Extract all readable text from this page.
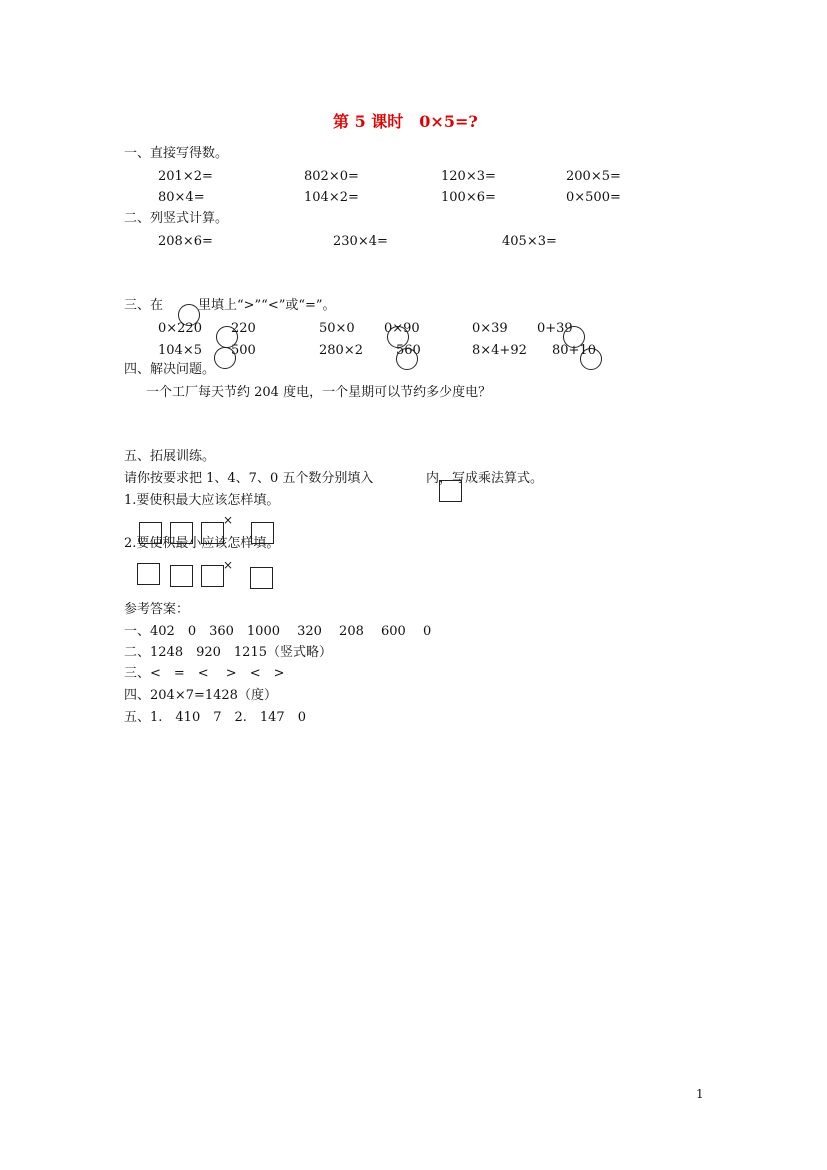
第 5 课时　0×5=?
一、直接写得数。
201×2=	802×0=	120×3=	200×5=
80×4=	104×2=	100×6=	0×500=
二、列竖式计算。
208×6=	230×4=	405×3=
三、在	里填上“>”“<”或“=”。
0×220 220	50×0 0×90	0×39 0+39
104×5 500	280×2	560	8×4+92 80+10
四、解决问题。
一个工厂每天节约 204 度电，一个星期可以节约多少度电？
五、拓展训练。
请你按要求把 1、4、7、0 五个数分别填入	内，写成乘法算式。
1.要使积最大应该怎样填。
×
2.要使积最小应该怎样填。
×
参考答案：
一、402　0　360　1000　 320　 208　 600　 0
二、1248　920　1215（竖式略）
三、<　=　<　 >　<　>
四、204×7=1428（度）
五、1.　410　7　2.　147　0
1
